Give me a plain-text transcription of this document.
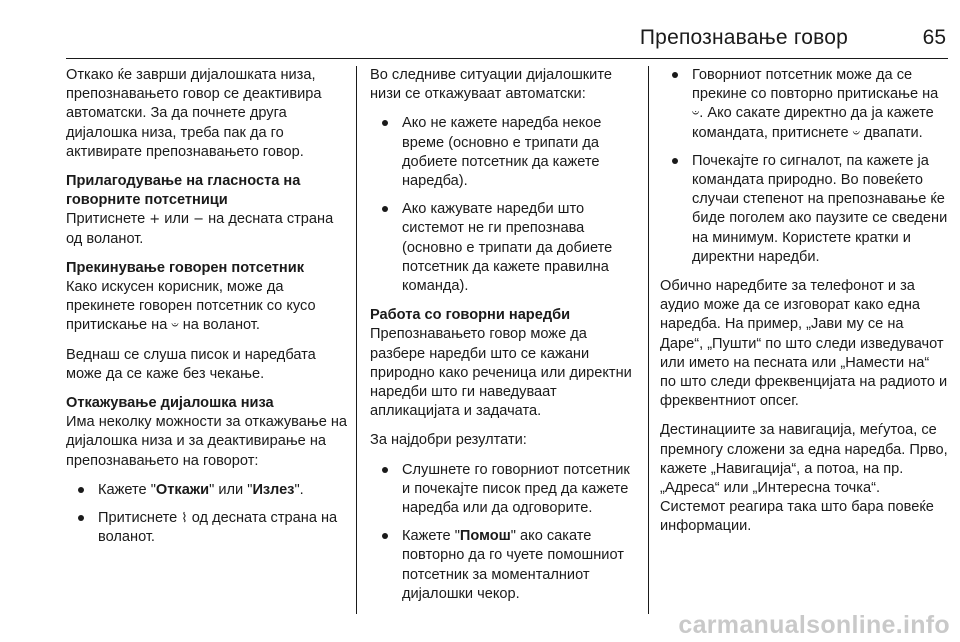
Препознавање говор	65

Откако ќе заврши дијалошката низа, препознавањето говор се деактивира автоматски. За да почнете друга дијалошка низа, треба пак да го активирате препознавањето говор.

Прилагодување на гласноста на говорните потсетници

Притиснете + или − на десната страна од воланот.

Прекинување говорен потсетник

Како искусен корисник, може да прекинете говорен потсетник со кусо притискање на 𝄑 на воланот.

Веднаш се слуша писок и наредбата може да се каже без чекање.

Откажување дијалошка низа

Има неколку можности за откажување на дијалошка низа и за деактивирање на препознавањето на говорот:

Кажете "Откажи" или "Излез".
Притиснете ⌇ од десната страна на воланот.

Во следниве ситуации дијалошките низи се откажуваат автоматски:

Ако не кажете наредба некое време (основно е трипати да добиете потсетник да кажете наредба).
Ако кажувате наредби што системот не ги препознава (основно е трипати да добиете потсетник да кажете правилна команда).
Работа со говорни наредби

Препознавањето говор може да разбере наредби што се кажани природно како реченица или директни наредби што ги наведуваат апликацијата и задачата.

За најдобри резултати:

Слушнете го говорниот потсетник и почекајте писок пред да кажете наредба или да одговорите.
Кажете "Помош" ако сакате повторно да го чуете помошниот потсетник за моменталниот дијалошки чекор.
Говорниот потсетник може да се прекине со повторно притискање на 𝄑. Ако сакате директно да ја кажете командата, притиснете 𝄑 двапати.
Почекајте го сигналот, па кажете ја командата природно. Во повеќето случаи степенот на препознавање ќе биде поголем ако паузите се сведени на минимум. Користете кратки и директни наредби.

Обично наредбите за телефонот и за аудио може да се изговорат како една наредба. На пример, „Јави му се на Даре“, „Пушти“ по што следи изведувачот или името на песната или „Намести на“ по што следи фреквенцијата на радиото и фреквентниот опсег.

Дестинациите за навигација, меѓутоа, се премногу сложени за една наредба. Прво, кажете „Навигација“, а потоа, на пр. „Адреса“ или „Интересна точка“. Системот реагира така што бара повеќе информации.

carmanualsonline.info
